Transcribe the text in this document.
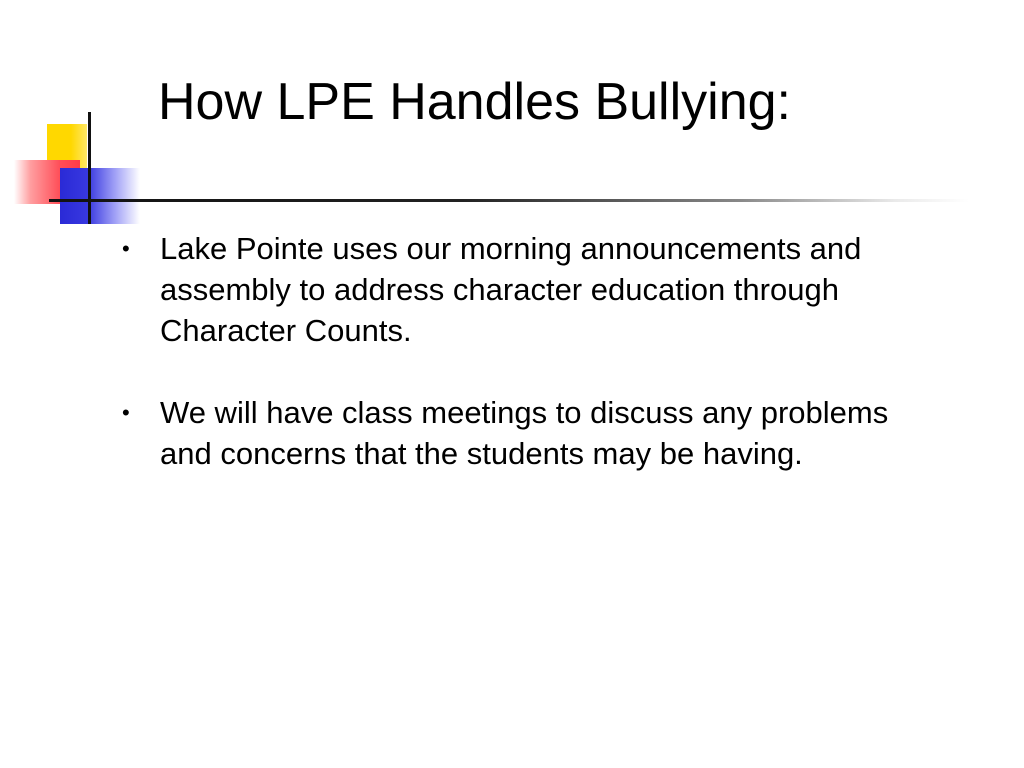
How LPE Handles Bullying:
• Lake Pointe uses our morning announcements and assembly to address character education through Character Counts.
• We will have class meetings to discuss any problems and concerns that the students may be having.
